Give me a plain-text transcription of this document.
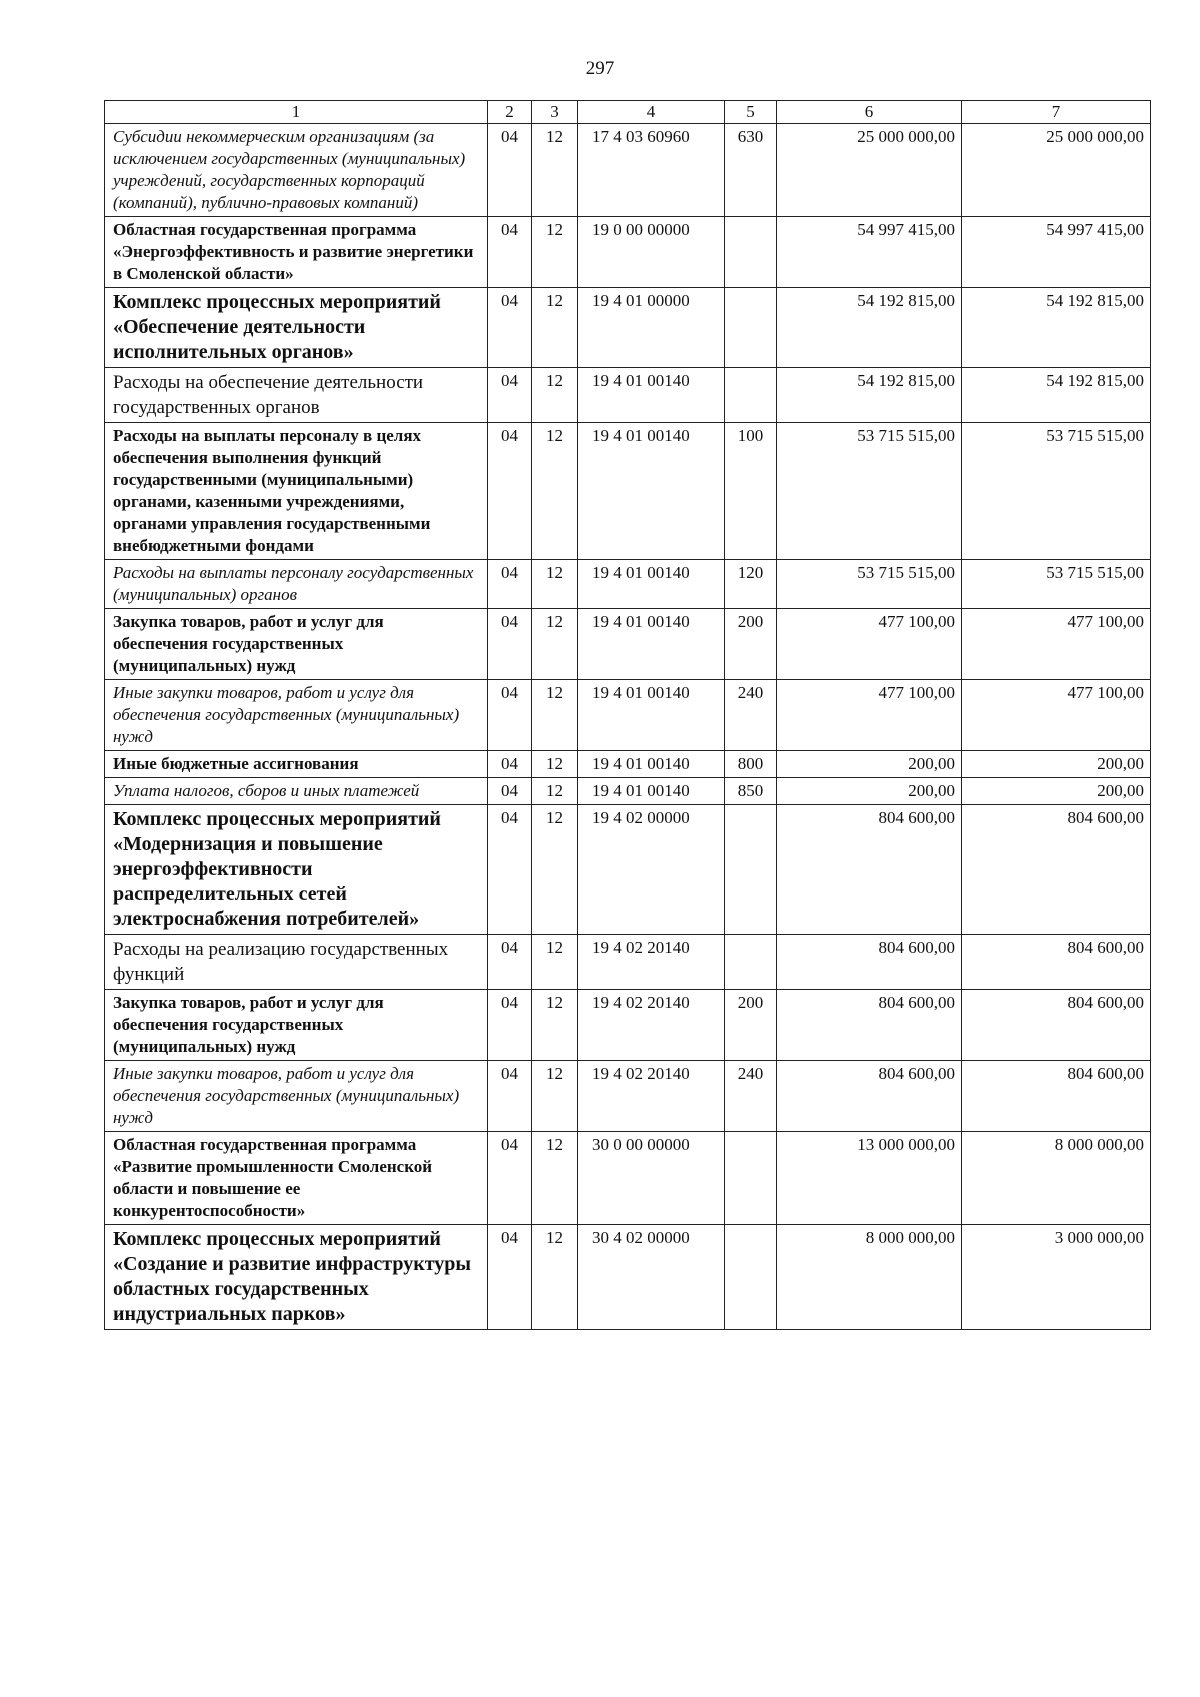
297
1	2	3	4	5	6	7
Субсидии некоммерческим организациям (за исключением государственных (муниципальных) учреждений, государственных корпораций (компаний), публично-правовых компаний)	04	12	17 4 03 60960	630	25 000 000,00	25 000 000,00
Областная государственная программа «Энергоэффективность и развитие энергетики в Смоленской области»	04	12	19 0 00 00000		54 997 415,00	54 997 415,00
Комплекс процессных мероприятий «Обеспечение деятельности исполнительных органов»	04	12	19 4 01 00000		54 192 815,00	54 192 815,00
Расходы на обеспечение деятельности государственных органов	04	12	19 4 01 00140		54 192 815,00	54 192 815,00
Расходы на выплаты персоналу в целях обеспечения выполнения функций государственными (муниципальными) органами, казенными учреждениями, органами управления государственными внебюджетными фондами	04	12	19 4 01 00140	100	53 715 515,00	53 715 515,00
Расходы на выплаты персоналу государственных (муниципальных) органов	04	12	19 4 01 00140	120	53 715 515,00	53 715 515,00
Закупка товаров, работ и услуг для обеспечения государственных (муниципальных) нужд	04	12	19 4 01 00140	200	477 100,00	477 100,00
Иные закупки товаров, работ и услуг для обеспечения государственных (муниципальных) нужд	04	12	19 4 01 00140	240	477 100,00	477 100,00
Иные бюджетные ассигнования	04	12	19 4 01 00140	800	200,00	200,00
Уплата налогов, сборов и иных платежей	04	12	19 4 01 00140	850	200,00	200,00
Комплекс процессных мероприятий «Модернизация и повышение энергоэффективности распределительных сетей электроснабжения потребителей»	04	12	19 4 02 00000		804 600,00	804 600,00
Расходы на реализацию государственных функций	04	12	19 4 02 20140		804 600,00	804 600,00
Закупка товаров, работ и услуг для обеспечения государственных (муниципальных) нужд	04	12	19 4 02 20140	200	804 600,00	804 600,00
Иные закупки товаров, работ и услуг для обеспечения государственных (муниципальных) нужд	04	12	19 4 02 20140	240	804 600,00	804 600,00
Областная государственная программа «Развитие промышленности Смоленской области и повышение ее конкурентоспособности»	04	12	30 0 00 00000		13 000 000,00	8 000 000,00
Комплекс процессных мероприятий «Создание и развитие инфраструктуры областных государственных индустриальных парков»	04	12	30 4 02 00000		8 000 000,00	3 000 000,00
